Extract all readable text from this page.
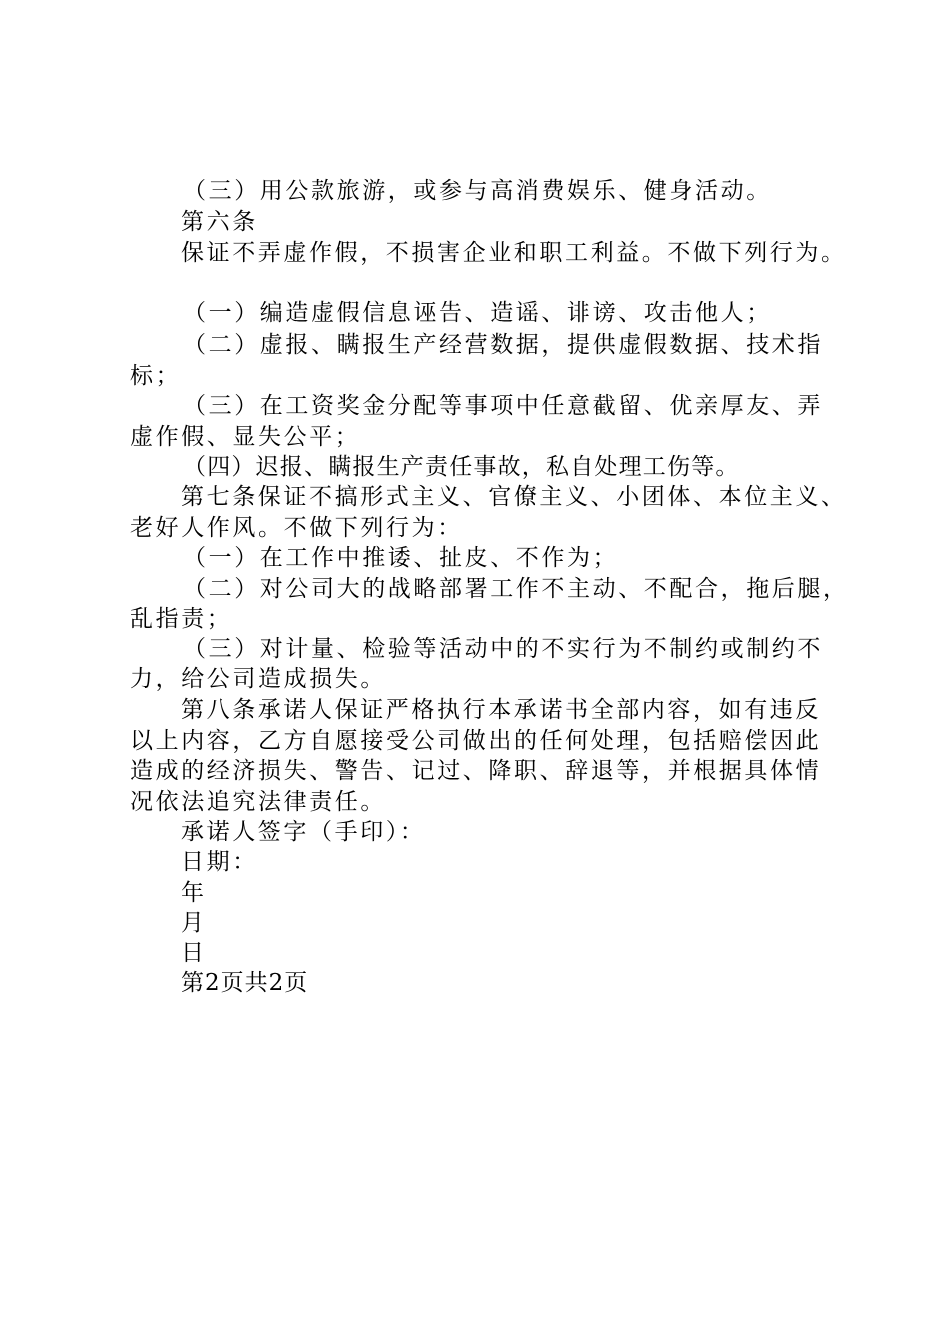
（三）用公款旅游，或参与高消费娱乐、健身活动。

第六条

保证不弄虚作假，不损害企业和职工利益。不做下列行为。

（一）编造虚假信息诬告、造谣、诽谤、攻击他人；

（二）虚报、瞒报生产经营数据，提供虚假数据、技术指

标；

（三）在工资奖金分配等事项中任意截留、优亲厚友、弄

虚作假、显失公平；

（四）迟报、瞒报生产责任事故，私自处理工伤等。

第七条保证不搞形式主义、官僚主义、小团体、本位主义、

老好人作风。不做下列行为：

（一）在工作中推诿、扯皮、不作为；

（二）对公司大的战略部署工作不主动、不配合，拖后腿，

乱指责；

（三）对计量、检验等活动中的不实行为不制约或制约不

力，给公司造成损失。

第八条承诺人保证严格执行本承诺书全部内容，如有违反

以上内容，乙方自愿接受公司做出的任何处理，包括赔偿因此

造成的经济损失、警告、记过、降职、辞退等，并根据具体情

况依法追究法律责任。

承诺人签字（手印）：

日期：

年

月

日

第2页共2页
